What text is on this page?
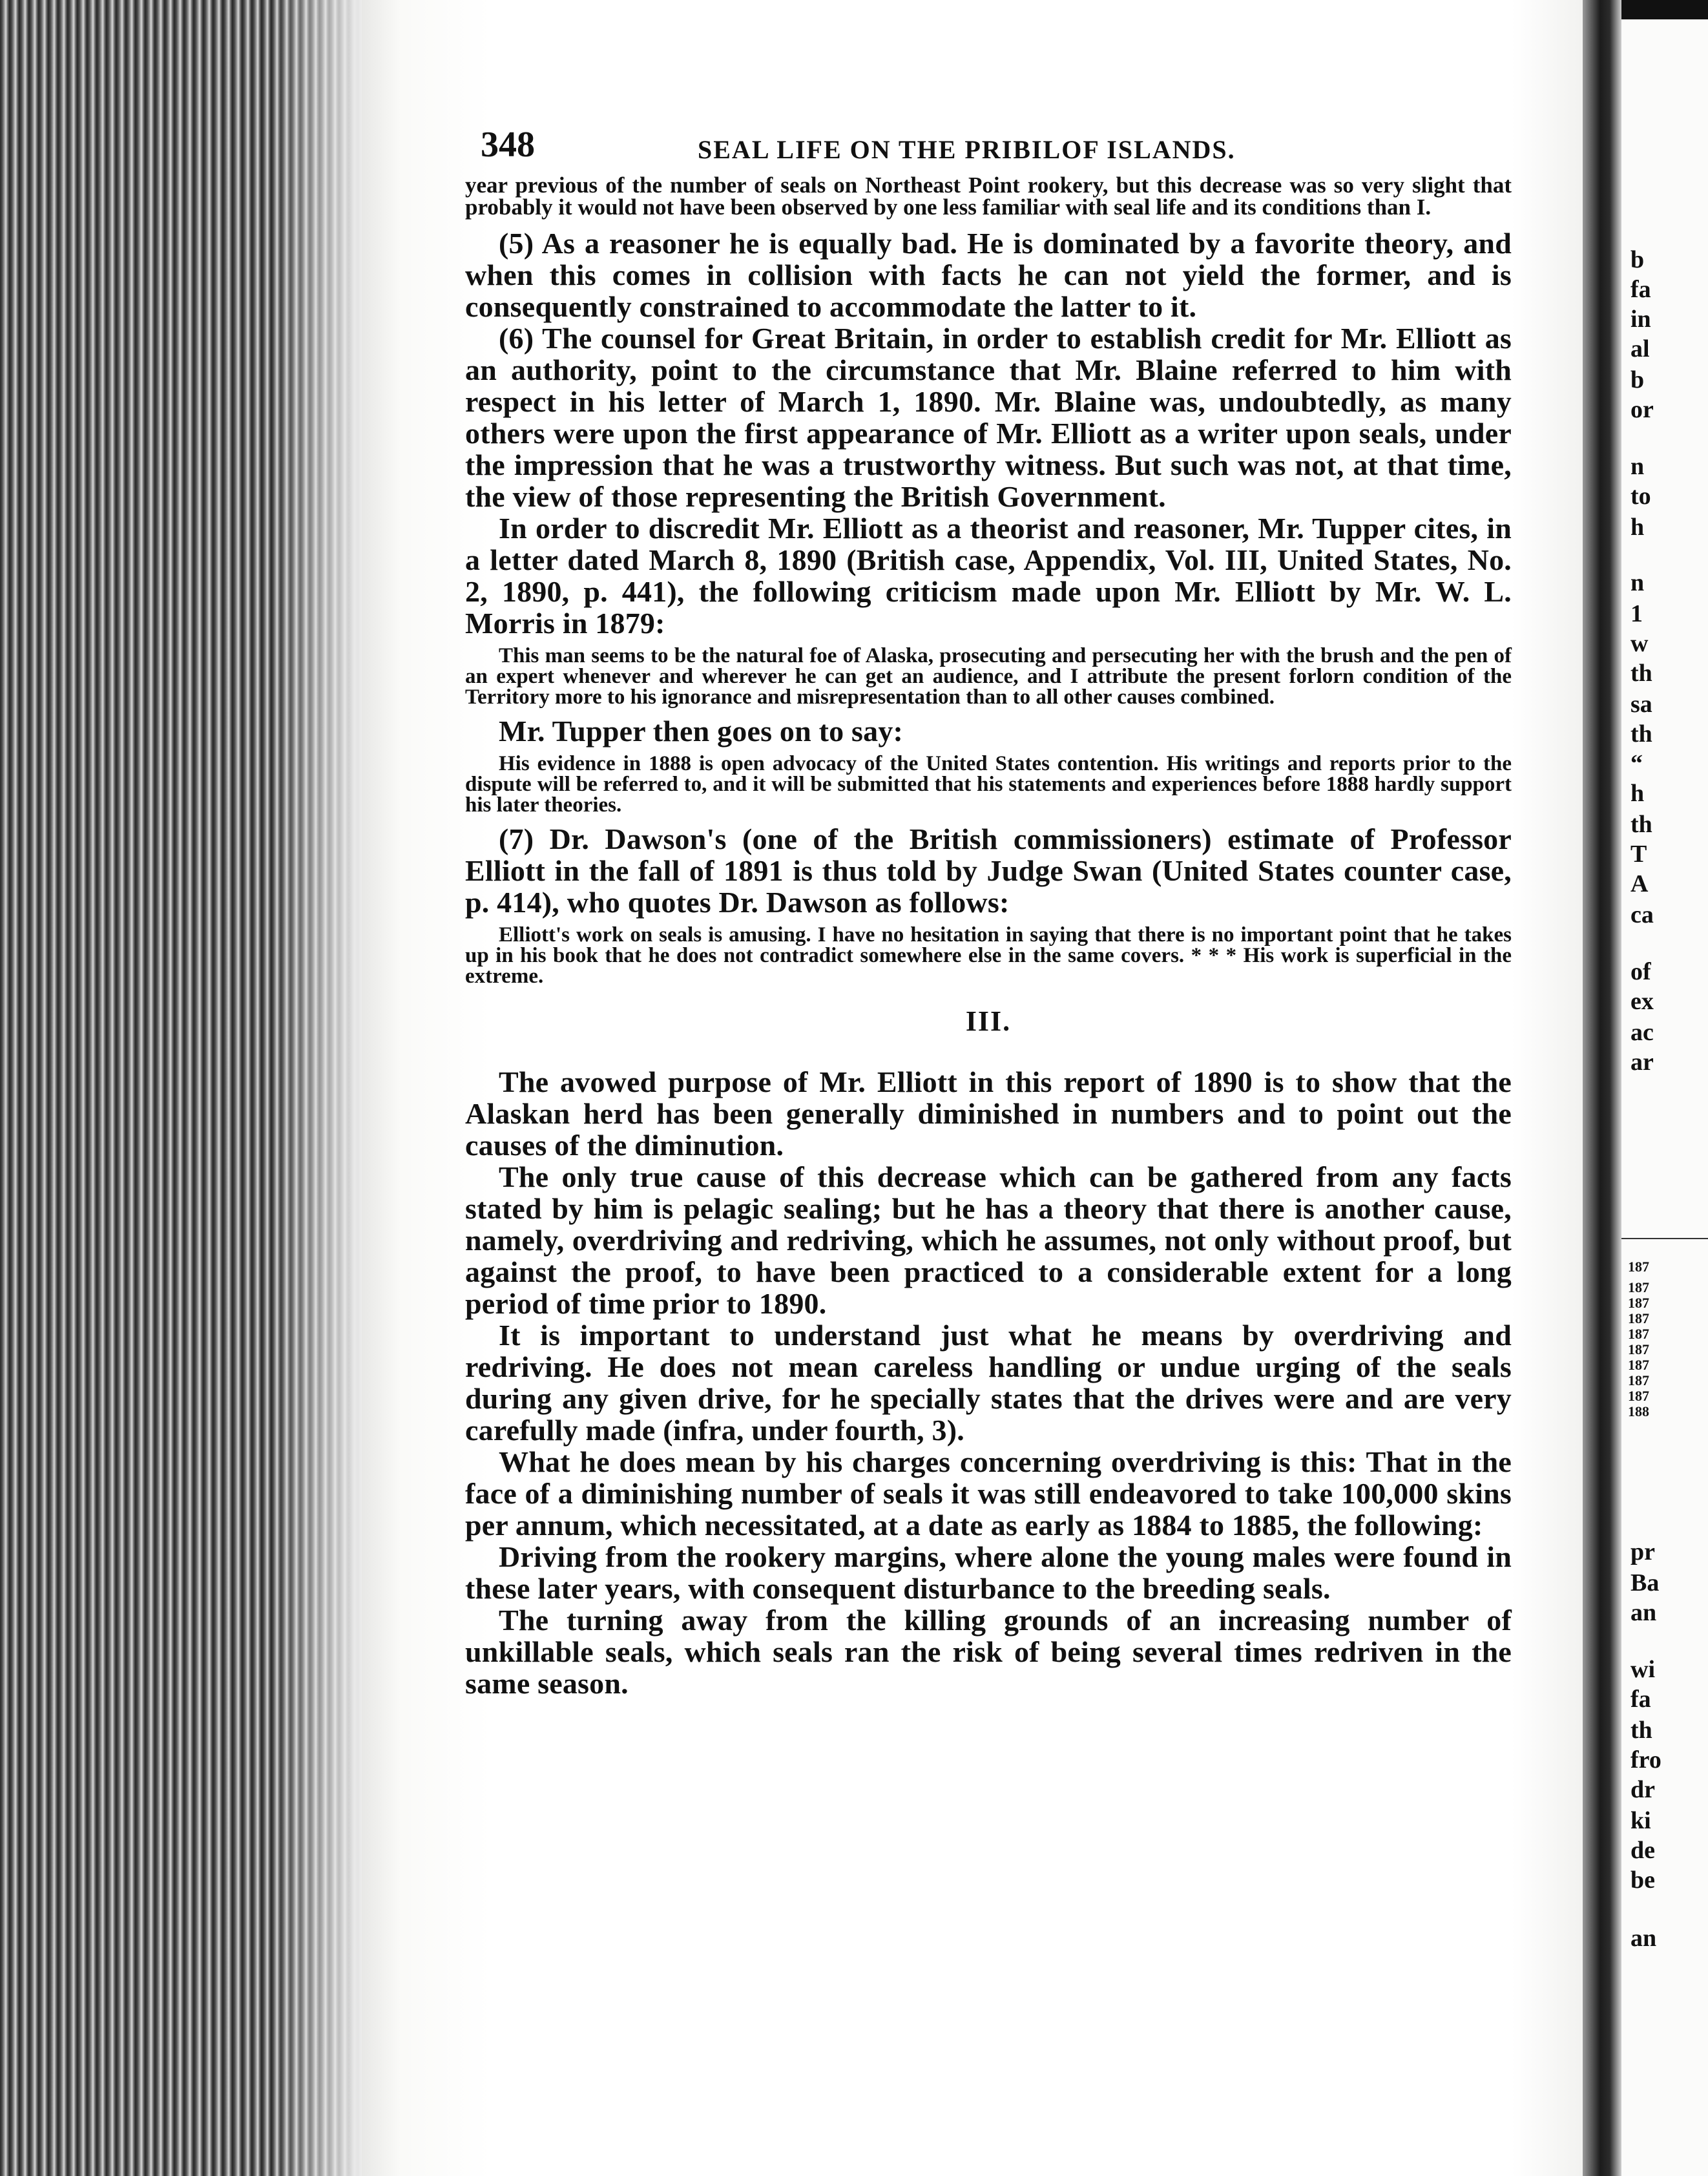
b
fa
in
al
b
or
n
to
h
n
1
w
th
sa
th
“
h
th
T
A
ca
of
ex
ac
ar
187
187
187
187
187
187
187
187
187
188
pr
Ba
an
wi
fa
th
fro
dr
ki
de
be
an
348	SEAL LIFE ON THE PRIBILOF ISLANDS.

year previous of the number of seals on Northeast Point rookery, but this decrease was so very slight that probably it would not have been observed by one less familiar with seal life and its conditions than I.

(5) As a reasoner he is equally bad. He is dominated by a favorite theory, and when this comes in collision with facts he can not yield the former, and is consequently constrained to accommodate the latter to it.

(6) The counsel for Great Britain, in order to establish credit for Mr. Elliott as an authority, point to the circumstance that Mr. Blaine referred to him with respect in his letter of March 1, 1890. Mr. Blaine was, undoubtedly, as many others were upon the first appearance of Mr. Elliott as a writer upon seals, under the impression that he was a trustworthy witness. But such was not, at that time, the view of those representing the British Government.

In order to discredit Mr. Elliott as a theorist and reasoner, Mr. Tupper cites, in a letter dated March 8, 1890 (British case, Appendix, Vol. III, United States, No. 2, 1890, p. 441), the following criticism made upon Mr. Elliott by Mr. W. L. Morris in 1879:

This man seems to be the natural foe of Alaska, prosecuting and persecuting her with the brush and the pen of an expert whenever and wherever he can get an audience, and I attribute the present forlorn condition of the Territory more to his ignorance and misrepresentation than to all other causes combined.

Mr. Tupper then goes on to say:

His evidence in 1888 is open advocacy of the United States contention. His writings and reports prior to the dispute will be referred to, and it will be submitted that his statements and experiences before 1888 hardly support his later theories.

(7) Dr. Dawson's (one of the British commissioners) estimate of Professor Elliott in the fall of 1891 is thus told by Judge Swan (United States counter case, p. 414), who quotes Dr. Dawson as follows:

Elliott's work on seals is amusing. I have no hesitation in saying that there is no important point that he takes up in his book that he does not contradict somewhere else in the same covers. * * * His work is superficial in the extreme.

III.

The avowed purpose of Mr. Elliott in this report of 1890 is to show that the Alaskan herd has been generally diminished in numbers and to point out the causes of the diminution.

The only true cause of this decrease which can be gathered from any facts stated by him is pelagic sealing; but he has a theory that there is another cause, namely, overdriving and redriving, which he assumes, not only without proof, but against the proof, to have been practiced to a considerable extent for a long period of time prior to 1890.

It is important to understand just what he means by overdriving and redriving. He does not mean careless handling or undue urging of the seals during any given drive, for he specially states that the drives were and are very carefully made (infra, under fourth, 3).

What he does mean by his charges concerning overdriving is this: That in the face of a diminishing number of seals it was still endeavored to take 100,000 skins per annum, which necessitated, at a date as early as 1884 to 1885, the following:

Driving from the rookery margins, where alone the young males were found in these later years, with consequent disturbance to the breeding seals.

The turning away from the killing grounds of an increasing number of unkillable seals, which seals ran the risk of being several times redriven in the same season.
